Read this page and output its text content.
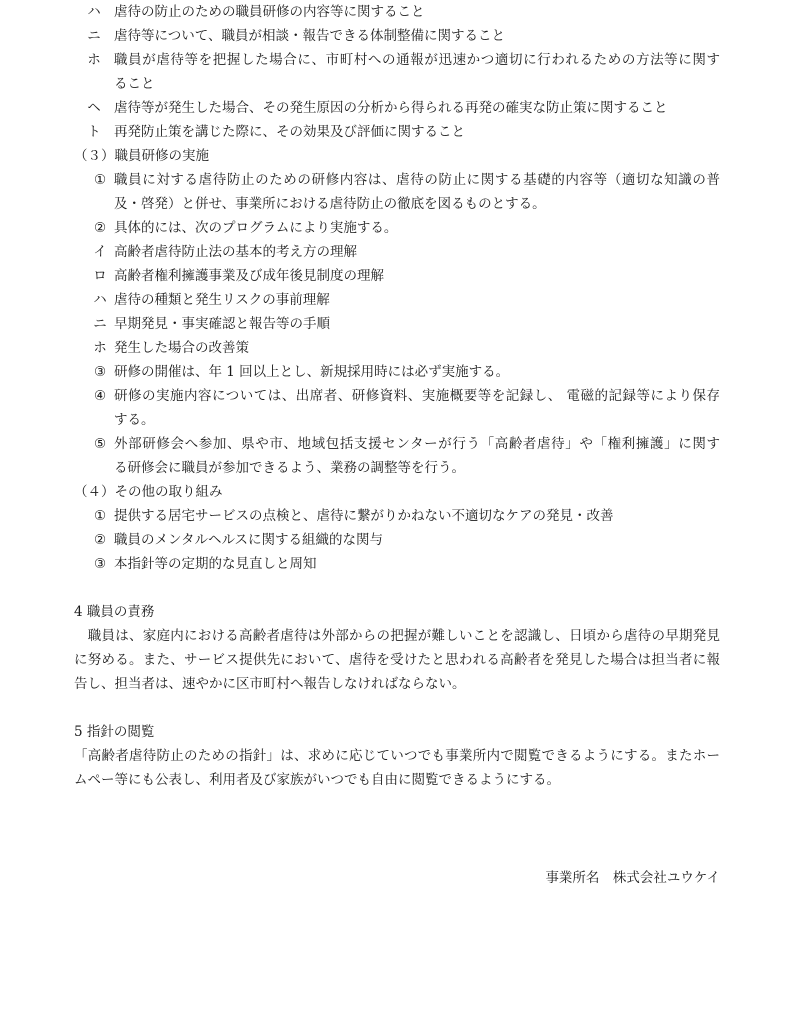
ハ 虐待の防止のための職員研修の内容等に関すること
ニ 虐待等について、職員が相談・報告できる体制整備に関すること
ホ 職員が虐待等を把握した場合に、市町村への通報が迅速かつ適切に行われるための方法等に関す
ること
ヘ 虐待等が発生した場合、その発生原因の分析から得られる再発の確実な防止策に関すること
ト 再発防止策を講じた際に、その効果及び評価に関すること
（３）職員研修の実施
① 職員に対する虐待防止のための研修内容は、虐待の防止に関する基礎的内容等（適切な知識の普
及・啓発）と併せ、事業所における虐待防止の徹底を図るものとする。
② 具体的には、次のプログラムにより実施する。
イ 高齢者虐待防止法の基本的考え方の理解
ロ 高齢者権利擁護事業及び成年後見制度の理解
ハ 虐待の種類と発生リスクの事前理解
ニ 早期発見・事実確認と報告等の手順
ホ 発生した場合の改善策
③ 研修の開催は、年 1 回以上とし、新規採用時には必ず実施する。
④ 研修の実施内容については、出席者、研修資料、実施概要等を記録し、 電磁的記録等により保存
する。
⑤ 外部研修会へ参加、県や市、地域包括支援センターが行う「高齢者虐待」や「権利擁護」に関す
る研修会に職員が参加できるよう、業務の調整等を行う。
（４）その他の取り組み
① 提供する居宅サービスの点検と、虐待に繋がりかねない不適切なケアの発見・改善
② 職員のメンタルヘルスに関する組織的な関与
③ 本指針等の定期的な見直しと周知
4 職員の責務
　職員は、家庭内における高齢者虐待は外部からの把握が難しいことを認識し、日頃から虐待の早期発見
に努める。また、サービス提供先において、虐待を受けたと思われる高齢者を発見した場合は担当者に報
告し、担当者は、速やかに区市町村へ報告しなければならない。
5 指針の閲覧
「高齢者虐待防止のための指針」は、求めに応じていつでも事業所内で閲覧できるようにする。またホー
ムペー等にも公表し、利用者及び家族がいつでも自由に閲覧できるようにする。
事業所名　株式会社ユウケイ
